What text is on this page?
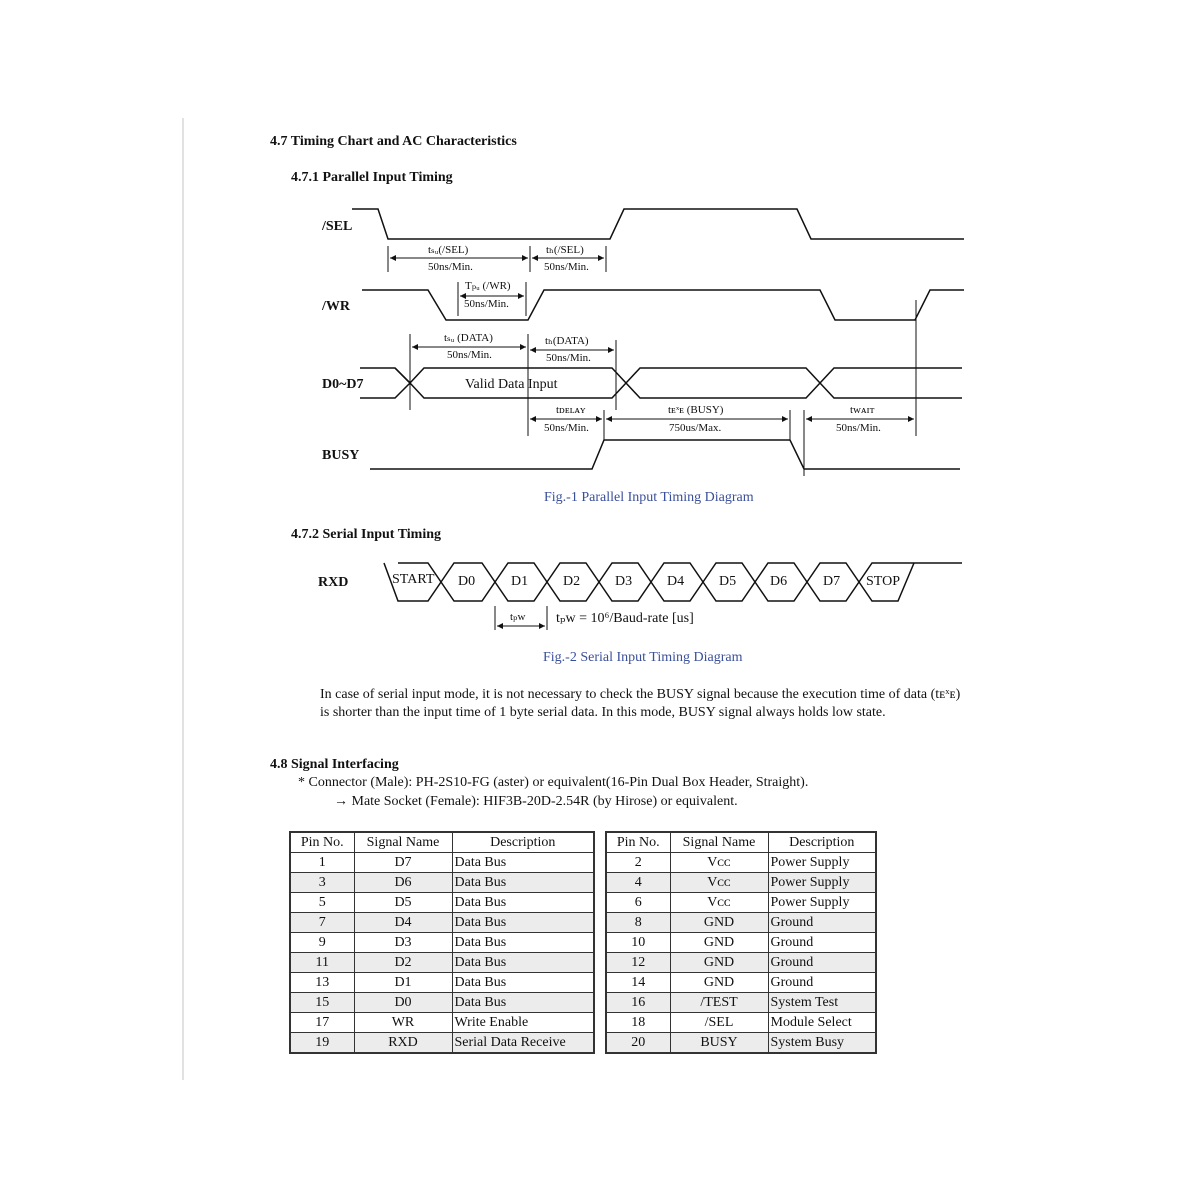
4.7 Timing Chart and AC Characteristics
4.7.1 Parallel Input Timing
/SEL
/WR
D0~D7
BUSY
tₛᵤ(/SEL)
50ns/Min.
tₕ(/SEL)
50ns/Min.
Tₚᵤ (/WR)
50ns/Min.
tₛᵤ (DATA)
50ns/Min.
tₕ(DATA)
50ns/Min.
Valid Data Input
tᴅᴇʟᴀʏ
50ns/Min.
tᴇˣᴇ (BUSY)
750us/Max.
tᴡᴀɪᴛ
50ns/Min.
Fig.-1 Parallel Input Timing Diagram
4.7.2 Serial Input Timing
RXD	START D0	D1 D2 D3 D4 D5 D6	D7 STOP
tₚᴡ tₚᴡ = 10⁶/Baud-rate [us]
Fig.-2 Serial Input Timing Diagram
In case of serial input mode, it is not necessary to check the BUSY signal because the execution time of data (tᴇˣᴇ)
is shorter than the input time of 1 byte serial data. In this mode, BUSY signal always holds low state.
4.8 Signal Interfacing
* Connector (Male): PH-2S10-FG (aster) or equivalent(16-Pin Dual Box Header, Straight).
→ Mate Socket (Female): HIF3B-20D-2.54R (by Hirose) or equivalent.
Pin No.	Signal Name	Description
1	D7	Data Bus
3	D6	Data Bus
5	D5	Data Bus
7	D4	Data Bus
9	D3	Data Bus
11	D2	Data Bus
13	D1	Data Bus
15	D0	Data Bus
17	WR	Write Enable
19	RXD	Serial Data Receive
Pin No.	Signal Name	Description
2	Vᴄᴄ	Power Supply
4	Vᴄᴄ	Power Supply
6	Vᴄᴄ	Power Supply
8	GND	Ground
10	GND	Ground
12	GND	Ground
14	GND	Ground
16	/TEST	System Test
18	/SEL	Module Select
20	BUSY	System Busy
